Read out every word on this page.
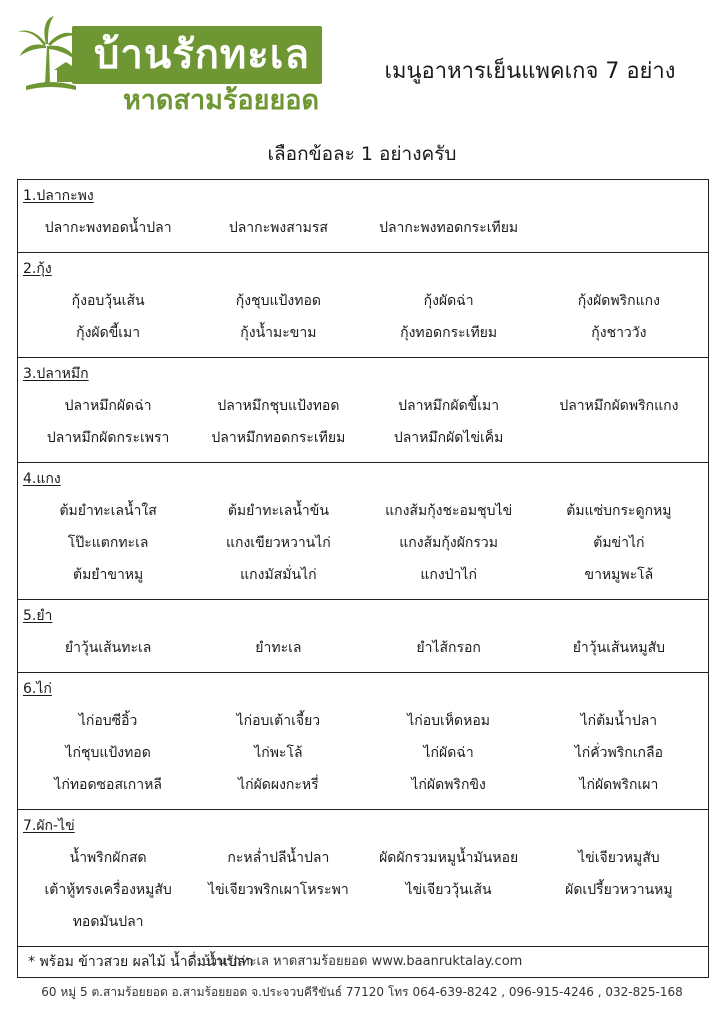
บ้านรักทะเล
หาดสามร้อยยอด
เมนูอาหารเย็นแพคเกจ 7 อย่าง
เลือกข้อละ 1 อย่างครับ
1.ปลากะพง
ปลากะพงทอดน้ำปลา	ปลากะพงสามรส	ปลากะพงทอดกระเทียม
2.กุ้ง
กุ้งอบวุ้นเส้น	กุ้งชุบแป้งทอด	กุ้งผัดฉ่า	กุ้งผัดพริกแกง
กุ้งผัดขี้เมา	กุ้งน้ำมะขาม	กุ้งทอดกระเทียม	กุ้งชาววัง
3.ปลาหมึก
ปลาหมึกผัดฉ่า	ปลาหมึกชุบแป้งทอด	ปลาหมึกผัดขี้เมา	ปลาหมึกผัดพริกแกง
ปลาหมึกผัดกระเพรา	ปลาหมึกทอดกระเทียม	ปลาหมึกผัดไข่เค็ม
4.แกง
ต้มยำทะเลน้ำใส	ต้มยำทะเลน้ำข้น	แกงส้มกุ้งชะอมชุบไข่	ต้มแซ่บกระดูกหมู
โป๊ะแตกทะเล	แกงเขียวหวานไก่	แกงส้มกุ้งผักรวม	ต้มข่าไก่
ต้มยำขาหมู	แกงมัสมั่นไก่	แกงป่าไก่	ขาหมูพะโล้
5.ยำ
ยำวุ้นเส้นทะเล	ยำทะเล	ยำไส้กรอก	ยำวุ้นเส้นหมูสับ
6.ไก่
ไก่อบซีอิ้ว	ไก่อบเต้าเจี้ยว	ไก่อบเห็ดหอม	ไก่ต้มน้ำปลา
ไก่ชุบแป้งทอด	ไก่พะโล้	ไก่ผัดฉ่า	ไก่คั่วพริกเกลือ
ไก่ทอดซอสเกาหลี	ไก่ผัดผงกะหรี่	ไก่ผัดพริกขิง	ไก่ผัดพริกเผา
7.ผัก-ไข่
น้ำพริกผักสด	กะหล่ำปลีน้ำปลา	ผัดผักรวมหมูน้ำมันหอย	ไข่เจียวหมูสับ
เต้าหู้ทรงเครื่องหมูสับ	ไข่เจียวพริกเผาโหระพา	ไข่เจียววุ้นเส้น	ผัดเปรี้ยวหวานหมู
ทอดมันปลา
* พร้อม ข้าวสวย ผลไม้ น้ำดื่มน้ำเปล่า
บ้านรักทะเล หาดสามร้อยยอด www.baanruktalay.com
60 หมู่ 5 ต.สามร้อยยอด อ.สามร้อยยอด จ.ประจวบคีรีขันธ์ 77120 โทร 064-639-8242 , 096-915-4246 , 032-825-168
